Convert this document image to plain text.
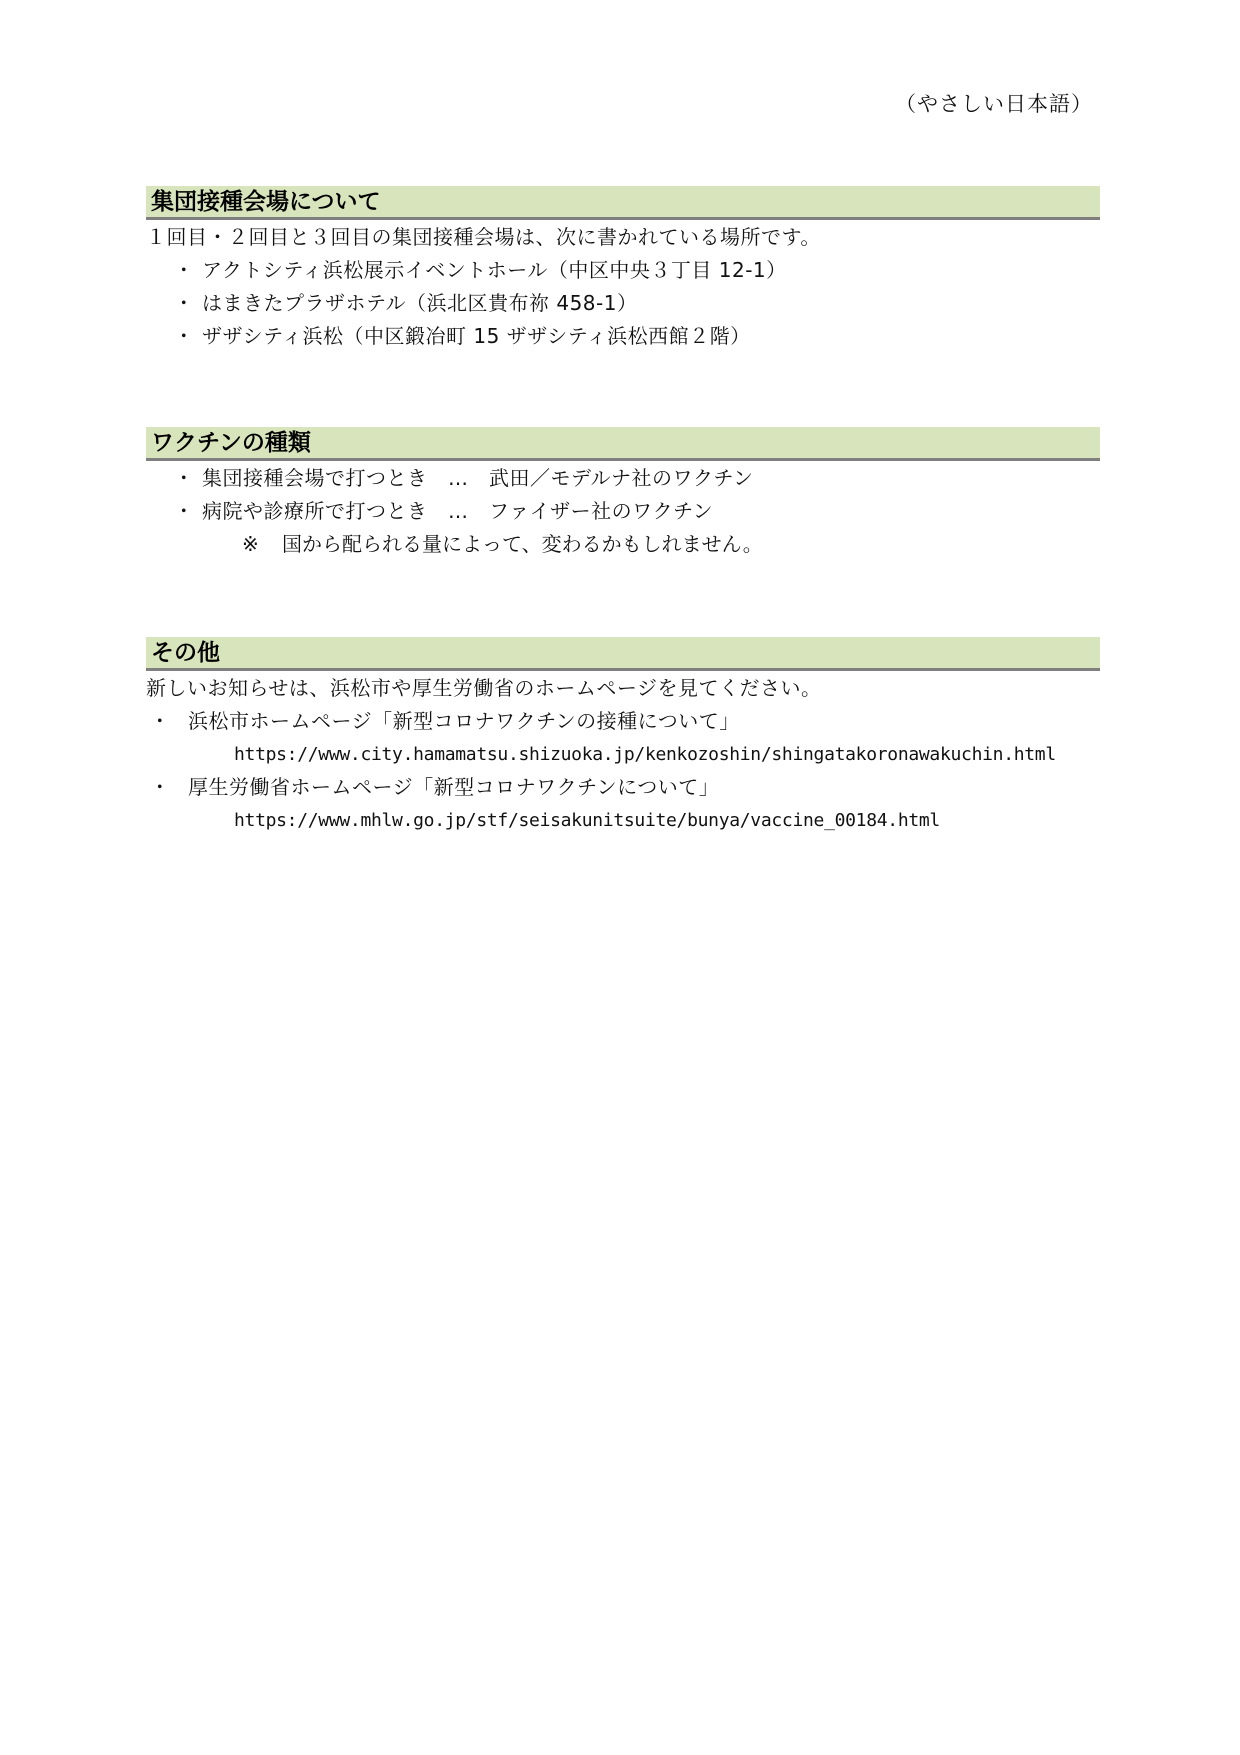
（やさしい日本語）
集団接種会場について
１回目・２回目と３回目の集団接種会場は、次に書かれている場所です。
・ アクトシティ浜松展示イベントホール（中区中央３丁目 12-1）
・ はまきたプラザホテル（浜北区貴布祢 458-1）
・ ザザシティ浜松（中区鍛冶町 15 ザザシティ浜松西館２階）
ワクチンの種類
・ 集団接種会場で打つとき　…　武田／モデルナ社のワクチン
・ 病院や診療所で打つとき　…　ファイザー社のワクチン
※ 国から配られる量によって、変わるかもしれません。
その他
新しいお知らせは、浜松市や厚生労働省のホームページを見てください。
・ 浜松市ホームページ「新型コロナワクチンの接種について」
https://www.city.hamamatsu.shizuoka.jp/kenkozoshin/shingatakoronawakuchin.html
・ 厚生労働省ホームページ「新型コロナワクチンについて」
https://www.mhlw.go.jp/stf/seisakunitsuite/bunya/vaccine_00184.html
